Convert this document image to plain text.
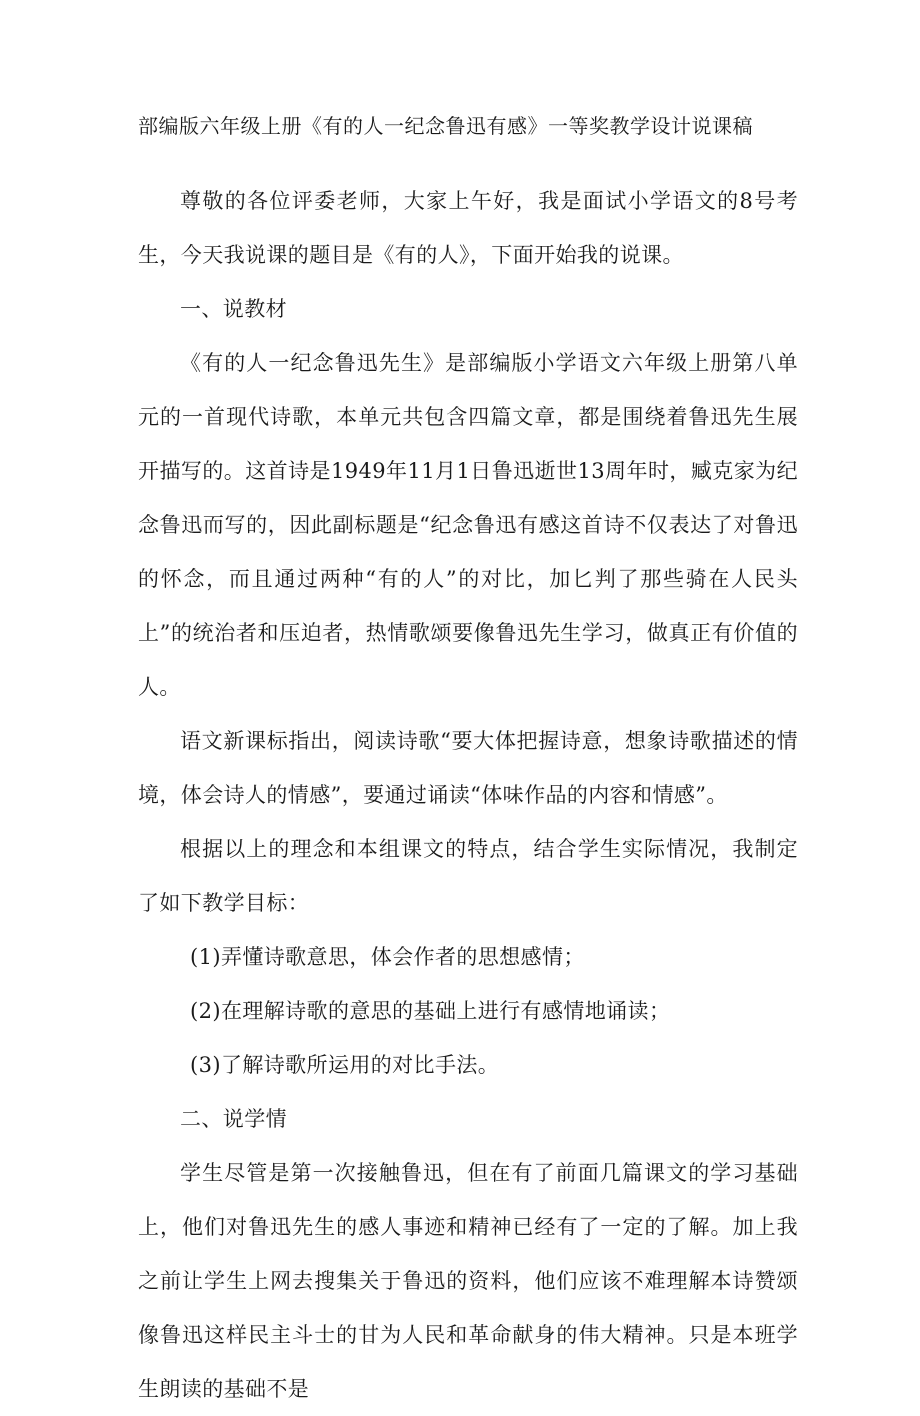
部编版六年级上册《有的人一纪念鲁迅有感》一等奖教学设计说课稿

尊敬的各位评委老师，大家上午好，我是面试小学语文的8号考生，今天我说课的题目是《有的人》，下面开始我的说课。

一、说教材

《有的人一纪念鲁迅先生》是部编版小学语文六年级上册第八单元的一首现代诗歌，本单元共包含四篇文章，都是围绕着鲁迅先生展开描写的。这首诗是1949年11月1日鲁迅逝世13周年时，臧克家为纪念鲁迅而写的，因此副标题是“纪念鲁迅有感这首诗不仅表达了对鲁迅的怀念，而且通过两种“有的人”的对比，加匕判了那些骑在人民头上”的统治者和压迫者，热情歌颂要像鲁迅先生学习，做真正有价值的人。

语文新课标指出，阅读诗歌“要大体把握诗意，想象诗歌描述的情境，体会诗人的情感”，要通过诵读“体味作品的内容和情感”。

根据以上的理念和本组课文的特点，结合学生实际情况，我制定了如下教学目标：

(1)弄懂诗歌意思，体会作者的思想感情；

(2)在理解诗歌的意思的基础上进行有感情地诵读；

(3)了解诗歌所运用的对比手法。

二、说学情

学生尽管是第一次接触鲁迅，但在有了前面几篇课文的学习基础上，他们对鲁迅先生的感人事迹和精神已经有了一定的了解。加上我之前让学生上网去搜集关于鲁迅的资料，他们应该不难理解本诗赞颂像鲁迅这样民主斗士的甘为人民和革命献身的伟大精神。只是本班学生朗读的基础不是
